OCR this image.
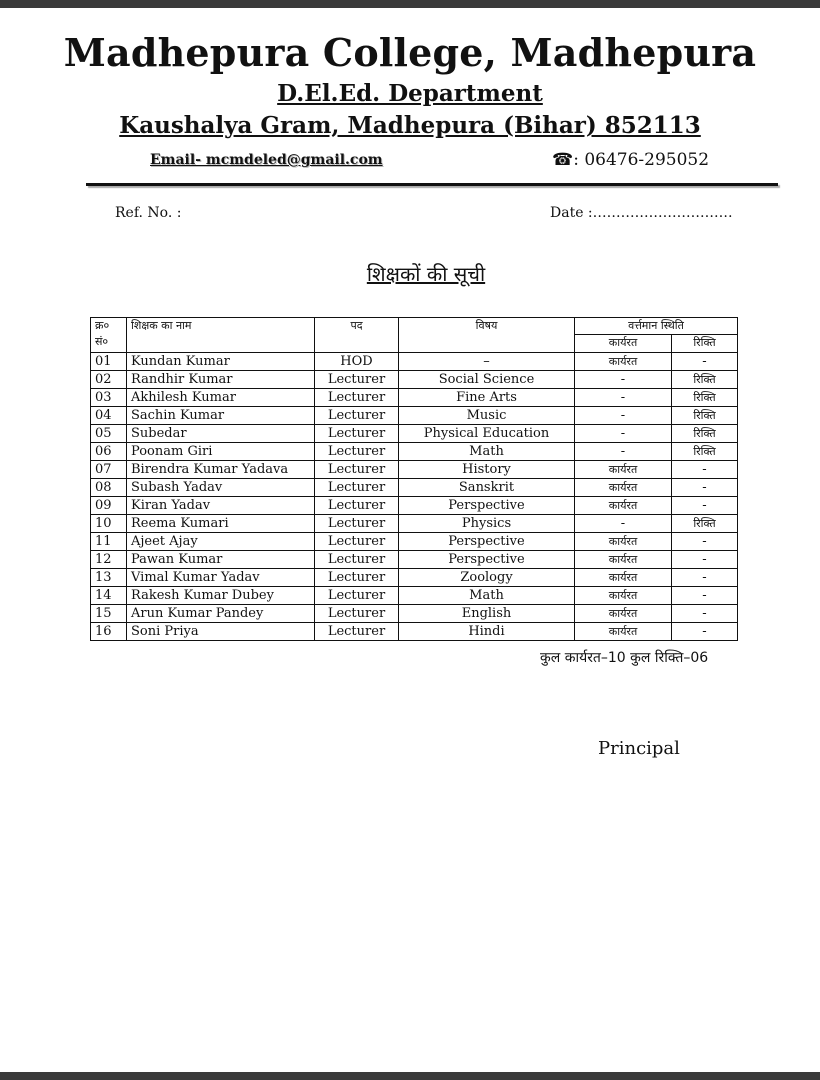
Madhepura College, Madhepura
D.El.Ed. Department
Kaushalya Gram, Madhepura (Bihar) 852113
Email- mcmdeled@gmail.com	☎: 06476-295052
Ref. No. :	Date :…………………………
शिक्षकों की सूची
क्र० सं०	शिक्षक का नाम	पद	विषय	वर्त्तमान स्थिति	
				कार्यरत	रिक्ति
01	Kundan Kumar	HOD	–	कार्यरत	-
02	Randhir Kumar	Lecturer	Social Science	-	रिक्ति
03	Akhilesh Kumar	Lecturer	Fine Arts	-	रिक्ति
04	Sachin Kumar	Lecturer	Music	-	रिक्ति
05	Subedar	Lecturer	Physical Education	-	रिक्ति
06	Poonam Giri	Lecturer	Math	-	रिक्ति
07	Birendra Kumar Yadava	Lecturer	History	कार्यरत	-
08	Subash Yadav	Lecturer	Sanskrit	कार्यरत	-
09	Kiran Yadav	Lecturer	Perspective	कार्यरत	-
10	Reema Kumari	Lecturer	Physics	-	रिक्ति
11	Ajeet Ajay	Lecturer	Perspective	कार्यरत	-
12	Pawan Kumar	Lecturer	Perspective	कार्यरत	-
13	Vimal Kumar Yadav	Lecturer	Zoology	कार्यरत	-
14	Rakesh Kumar Dubey	Lecturer	Math	कार्यरत	-
15	Arun Kumar Pandey	Lecturer	English	कार्यरत	-
16	Soni Priya	Lecturer	Hindi	कार्यरत	-
कुल कार्यरत–10 कुल रिक्ति–06
Principal
